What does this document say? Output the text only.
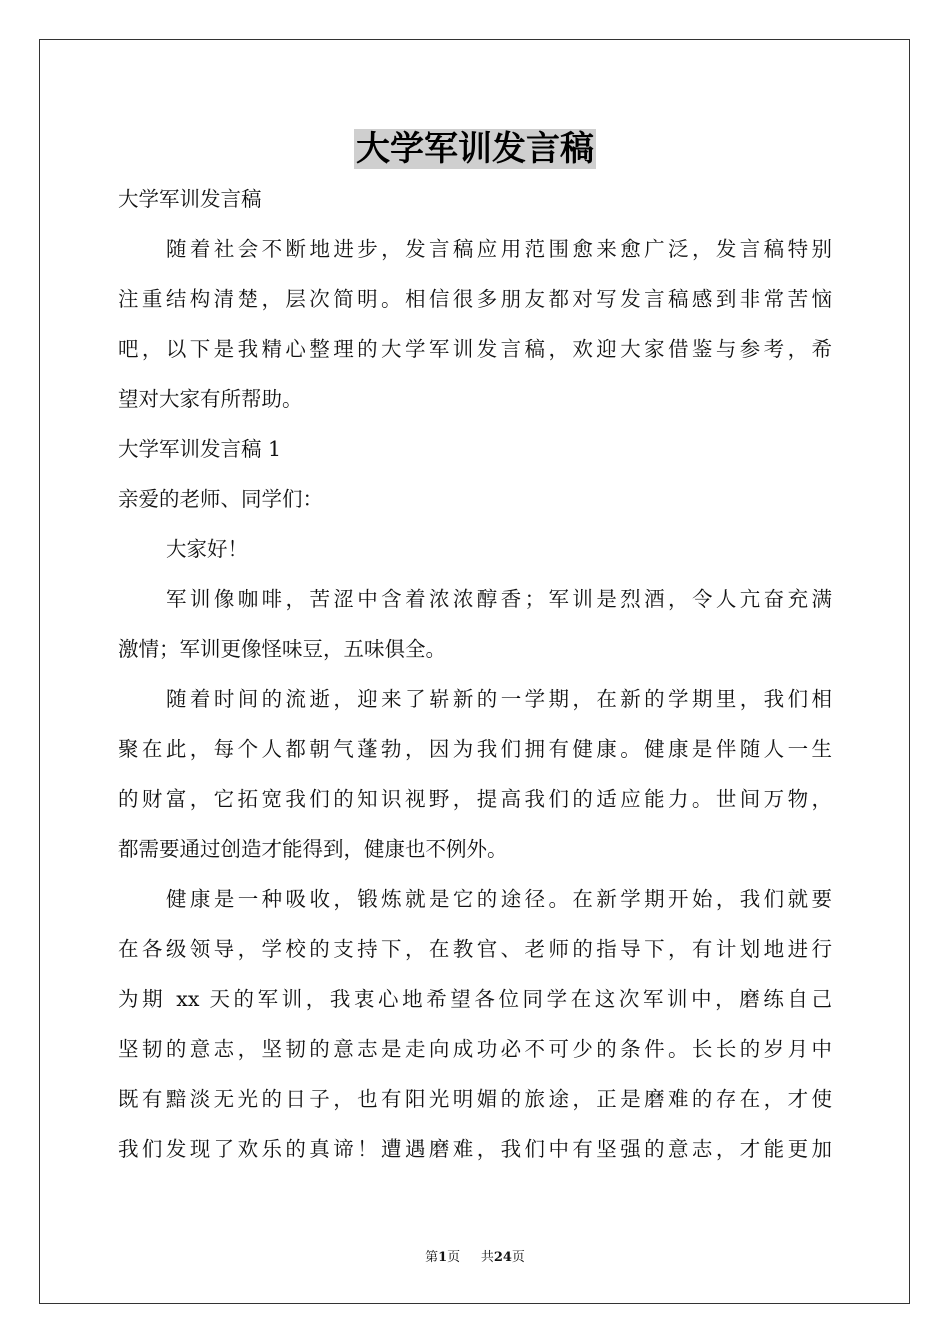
大学军训发言稿

大学军训发言稿

随着社会不断地进步，发言稿应用范围愈来愈广泛，发言稿特别

注重结构清楚，层次简明。相信很多朋友都对写发言稿感到非常苦恼

吧，以下是我精心整理的大学军训发言稿，欢迎大家借鉴与参考，希

望对大家有所帮助。

大学军训发言稿 1

亲爱的老师、同学们：

大家好！

军训像咖啡，苦涩中含着浓浓醇香；军训是烈酒，令人亢奋充满

激情；军训更像怪味豆，五味俱全。

随着时间的流逝，迎来了崭新的一学期，在新的学期里，我们相

聚在此，每个人都朝气蓬勃，因为我们拥有健康。健康是伴随人一生

的财富，它拓宽我们的知识视野，提高我们的适应能力。世间万物，

都需要通过创造才能得到，健康也不例外。

健康是一种吸收，锻炼就是它的途径。在新学期开始，我们就要

在各级领导，学校的支持下，在教官、老师的指导下，有计划地进行

为期 xx 天的军训，我衷心地希望各位同学在这次军训中，磨练自己

坚韧的意志，坚韧的意志是走向成功必不可少的条件。长长的岁月中

既有黯淡无光的日子，也有阳光明媚的旅途，正是磨难的存在，才使

我们发现了欢乐的真谛！遭遇磨难，我们中有坚强的意志，才能更加

第1页 共24页
